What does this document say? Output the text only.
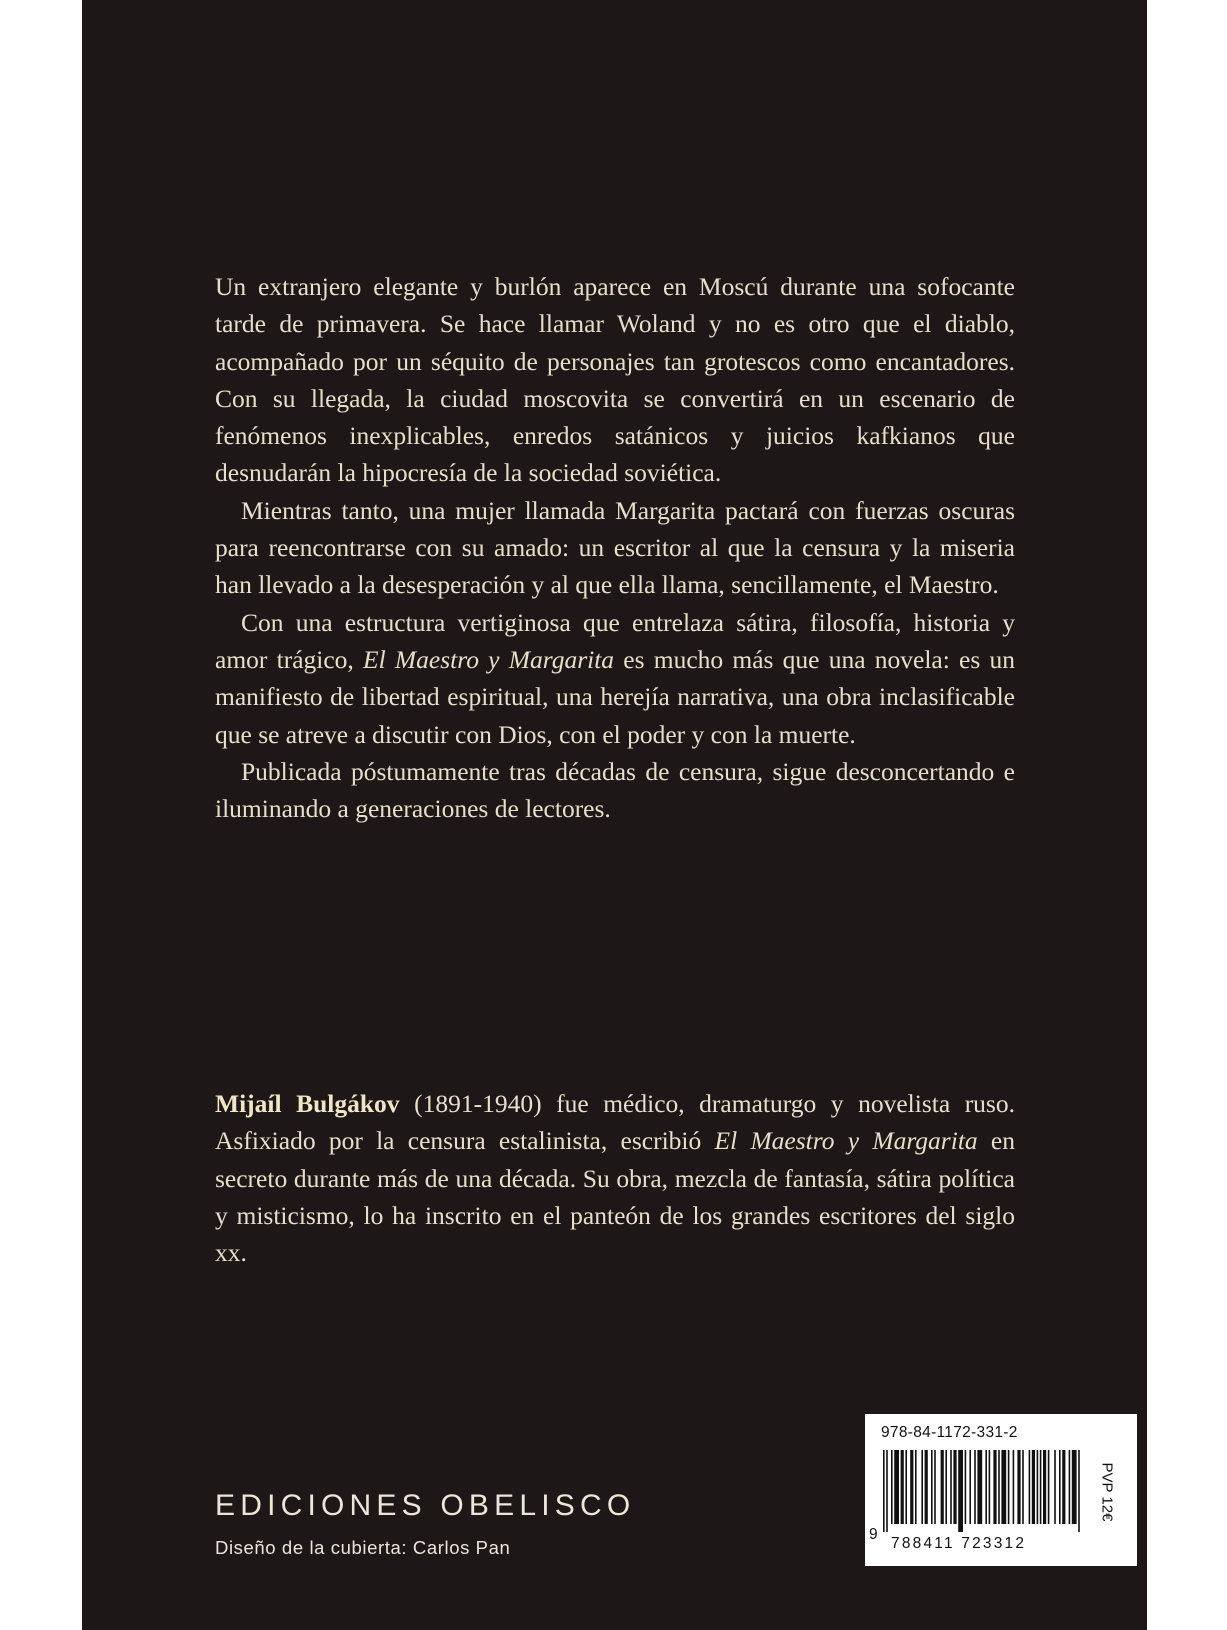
Un extranjero elegante y burlón aparece en Moscú durante una sofocante tarde de primavera. Se hace llamar Woland y no es otro que el diablo, acompañado por un séquito de personajes tan grotescos como encantadores. Con su llegada, la ciudad moscovita se convertirá en un escenario de fenómenos inexplicables, enredos satánicos y juicios kafkianos que desnudarán la hipocresía de la sociedad soviética.

Mientras tanto, una mujer llamada Margarita pactará con fuerzas oscuras para reencontrarse con su amado: un escritor al que la censura y la miseria han llevado a la desesperación y al que ella llama, sencillamente, el Maestro.

Con una estructura vertiginosa que entrelaza sátira, filosofía, historia y amor trágico, El Maestro y Margarita es mucho más que una novela: es un manifiesto de libertad espiritual, una herejía narrativa, una obra inclasificable que se atreve a discutir con Dios, con el poder y con la muerte.

Publicada póstumamente tras décadas de censura, sigue desconcertando e iluminando a generaciones de lectores.

Mijaíl Bulgákov (1891-1940) fue médico, dramaturgo y novelista ruso. Asfixiado por la censura estalinista, escribió El Maestro y Margarita en secreto durante más de una década. Su obra, mezcla de fantasía, sátira política y misticismo, lo ha inscrito en el panteón de los grandes escritores del siglo xx.

EDICIONES OBELISCO
Diseño de la cubierta: Carlos Pan
978-84-1172-331-2
9
788411 723312
PVP 12€
